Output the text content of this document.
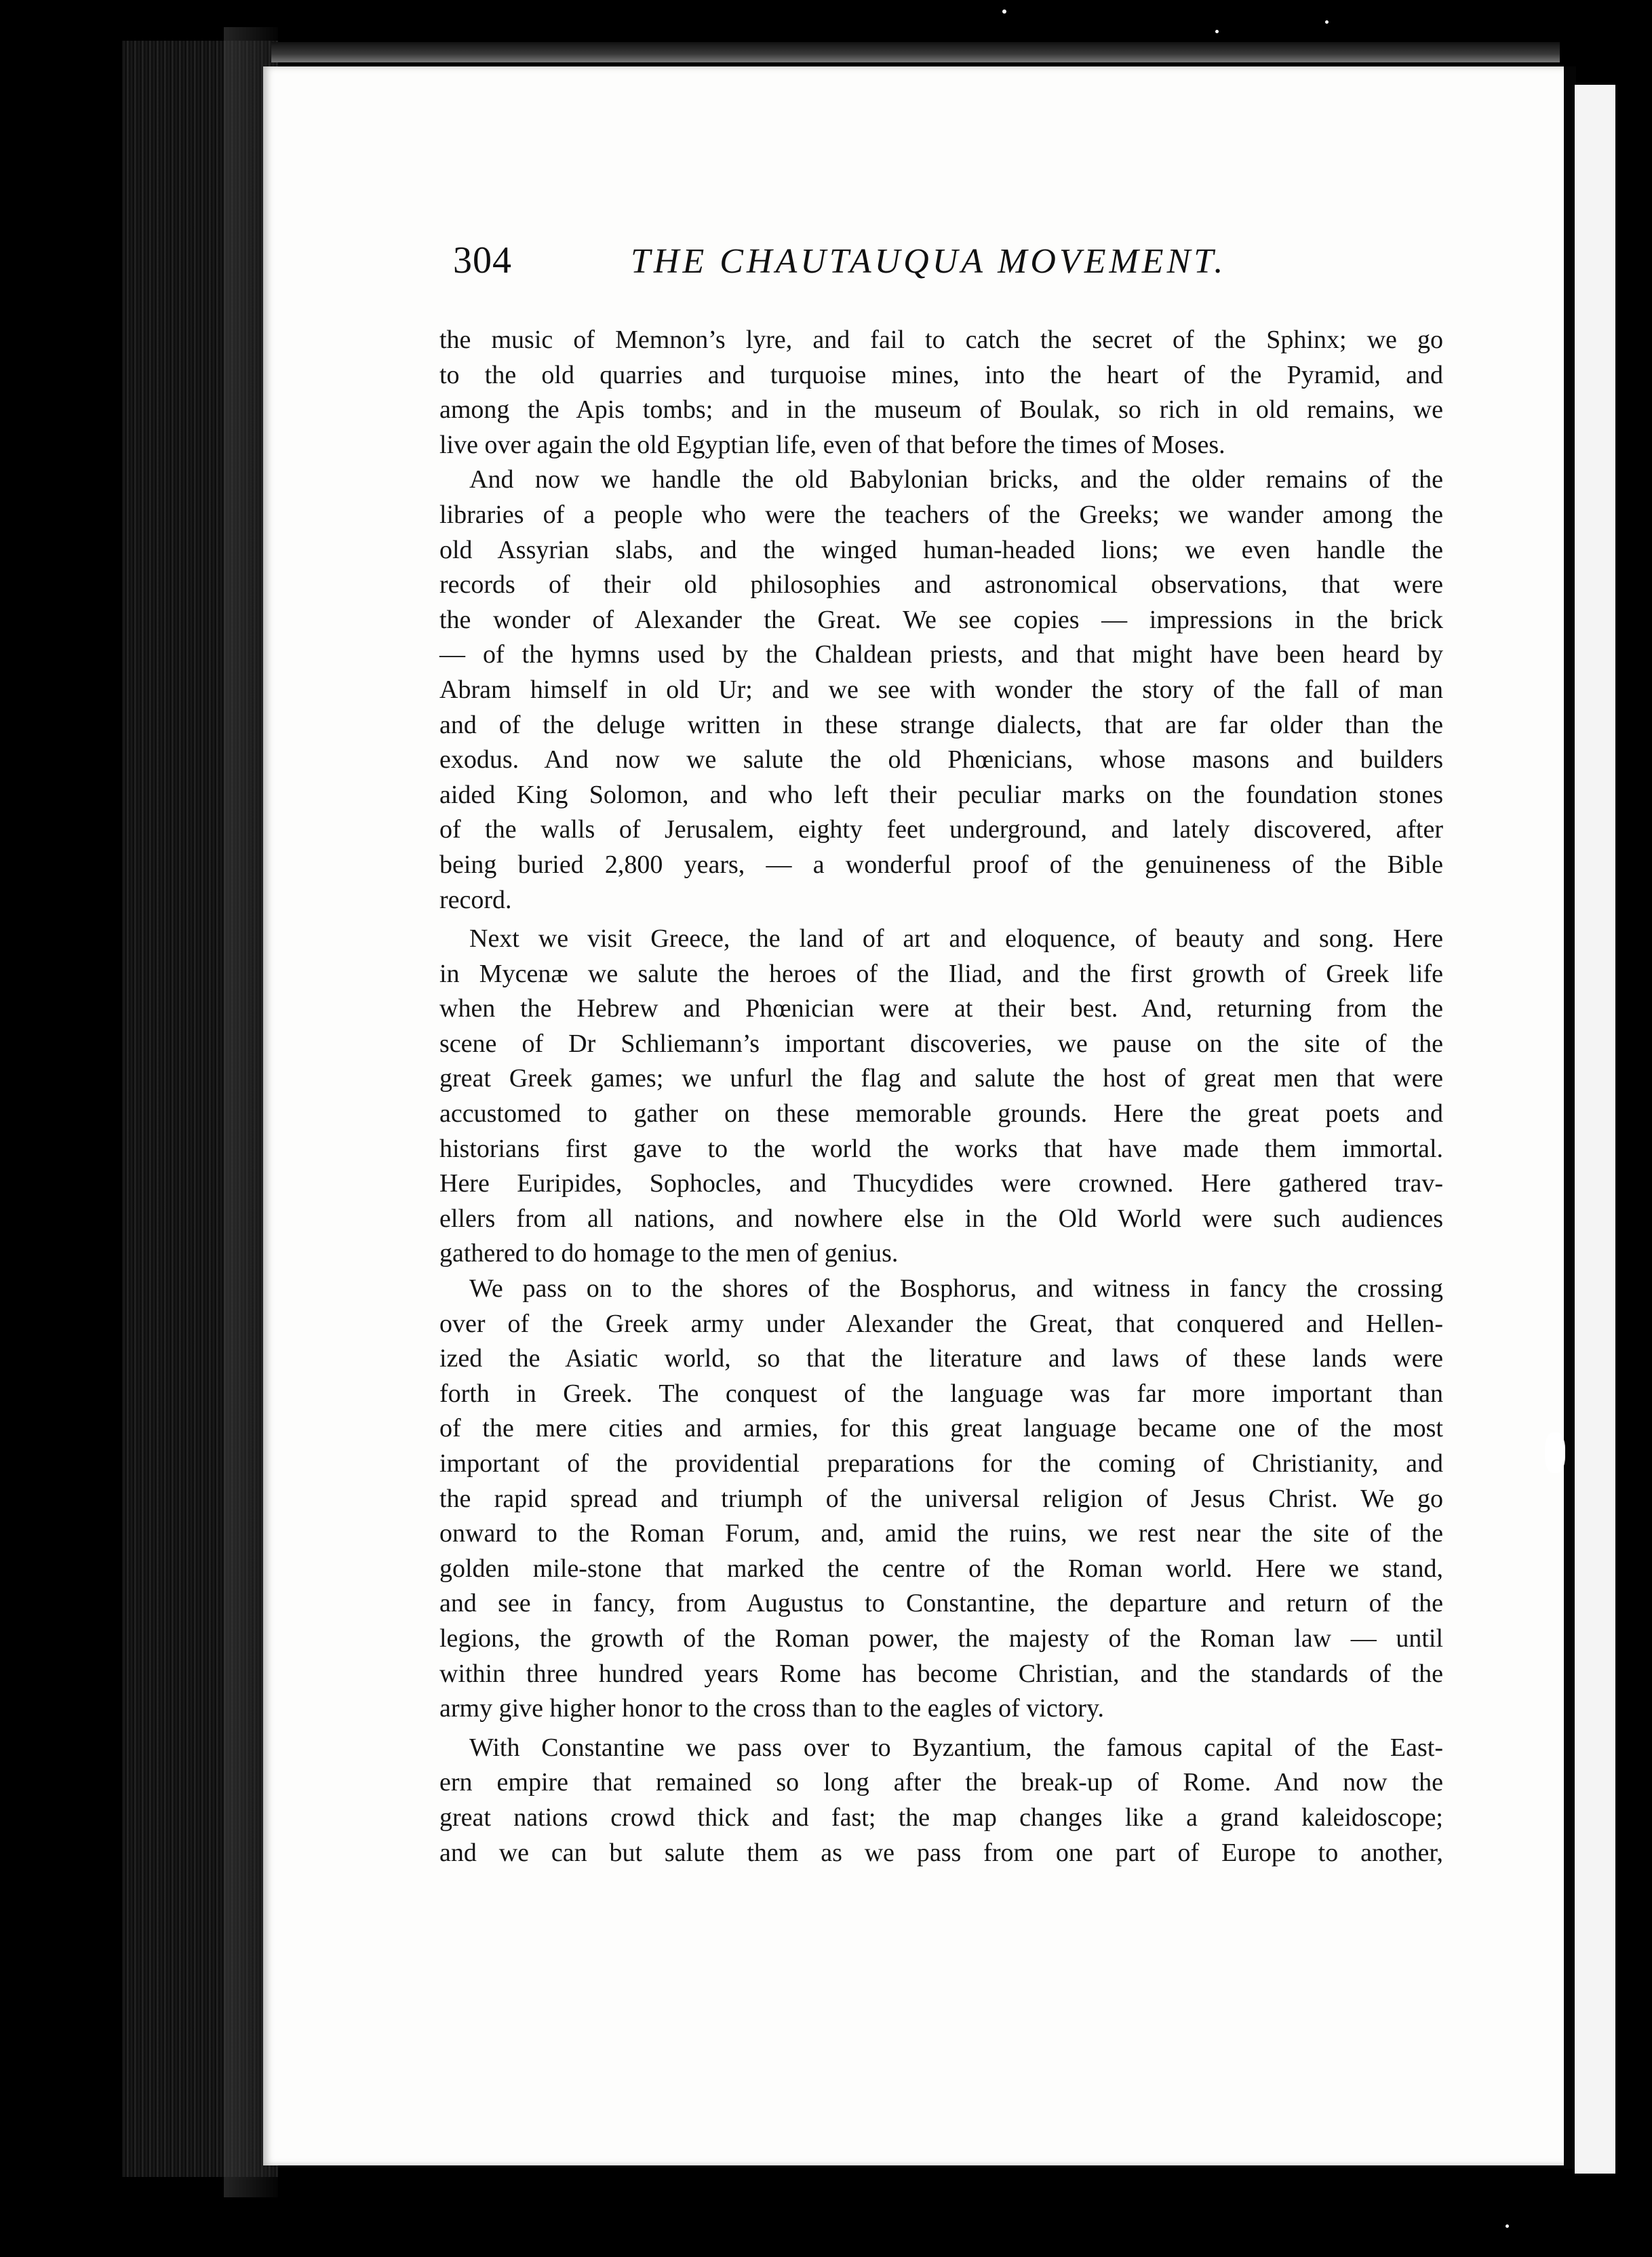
304	THE CHAUTAUQUA MOVEMENT.

the music of Memnon’s lyre, and fail to catch the secret of the Sphinx; we go

to the old quarries and turquoise mines, into the heart of the Pyramid, and

among the Apis tombs; and in the museum of Boulak, so rich in old remains, we

live over again the old Egyptian life, even of that before the times of Moses.

And now we handle the old Babylonian bricks, and the older remains of the

libraries of a people who were the teachers of the Greeks; we wander among the

old Assyrian slabs, and the winged human-headed lions; we even handle the

records of their old philosophies and astronomical observations, that were

the wonder of Alexander the Great. We see copies — impressions in the brick

— of the hymns used by the Chaldean priests, and that might have been heard by

Abram himself in old Ur; and we see with wonder the story of the fall of man

and of the deluge written in these strange dialects, that are far older than the

exodus. And now we salute the old Phœnicians, whose masons and builders

aided King Solomon, and who left their peculiar marks on the foundation stones

of the walls of Jerusalem, eighty feet underground, and lately discovered, after

being buried 2,800 years, — a wonderful proof of the genuineness of the Bible

record.

Next we visit Greece, the land of art and eloquence, of beauty and song. Here

in Mycenæ we salute the heroes of the Iliad, and the first growth of Greek life

when the Hebrew and Phœnician were at their best. And, returning from the

scene of Dr Schliemann’s important discoveries, we pause on the site of the

great Greek games; we unfurl the flag and salute the host of great men that were

accustomed to gather on these memorable grounds. Here the great poets and

historians first gave to the world the works that have made them immortal.

Here Euripides, Sophocles, and Thucydides were crowned. Here gathered trav-

ellers from all nations, and nowhere else in the Old World were such audiences

gathered to do homage to the men of genius.

We pass on to the shores of the Bosphorus, and witness in fancy the crossing

over of the Greek army under Alexander the Great, that conquered and Hellen-

ized the Asiatic world, so that the literature and laws of these lands were

forth in Greek. The conquest of the language was far more important than

of the mere cities and armies, for this great language became one of the most

important of the providential preparations for the coming of Christianity, and

the rapid spread and triumph of the universal religion of Jesus Christ. We go

onward to the Roman Forum, and, amid the ruins, we rest near the site of the

golden mile-stone that marked the centre of the Roman world. Here we stand,

and see in fancy, from Augustus to Constantine, the departure and return of the

legions, the growth of the Roman power, the majesty of the Roman law — until

within three hundred years Rome has become Christian, and the standards of the

army give higher honor to the cross than to the eagles of victory.

With Constantine we pass over to Byzantium, the famous capital of the East-

ern empire that remained so long after the break-up of Rome. And now the

great nations crowd thick and fast; the map changes like a grand kaleidoscope;

and we can but salute them as we pass from one part of Europe to another,
